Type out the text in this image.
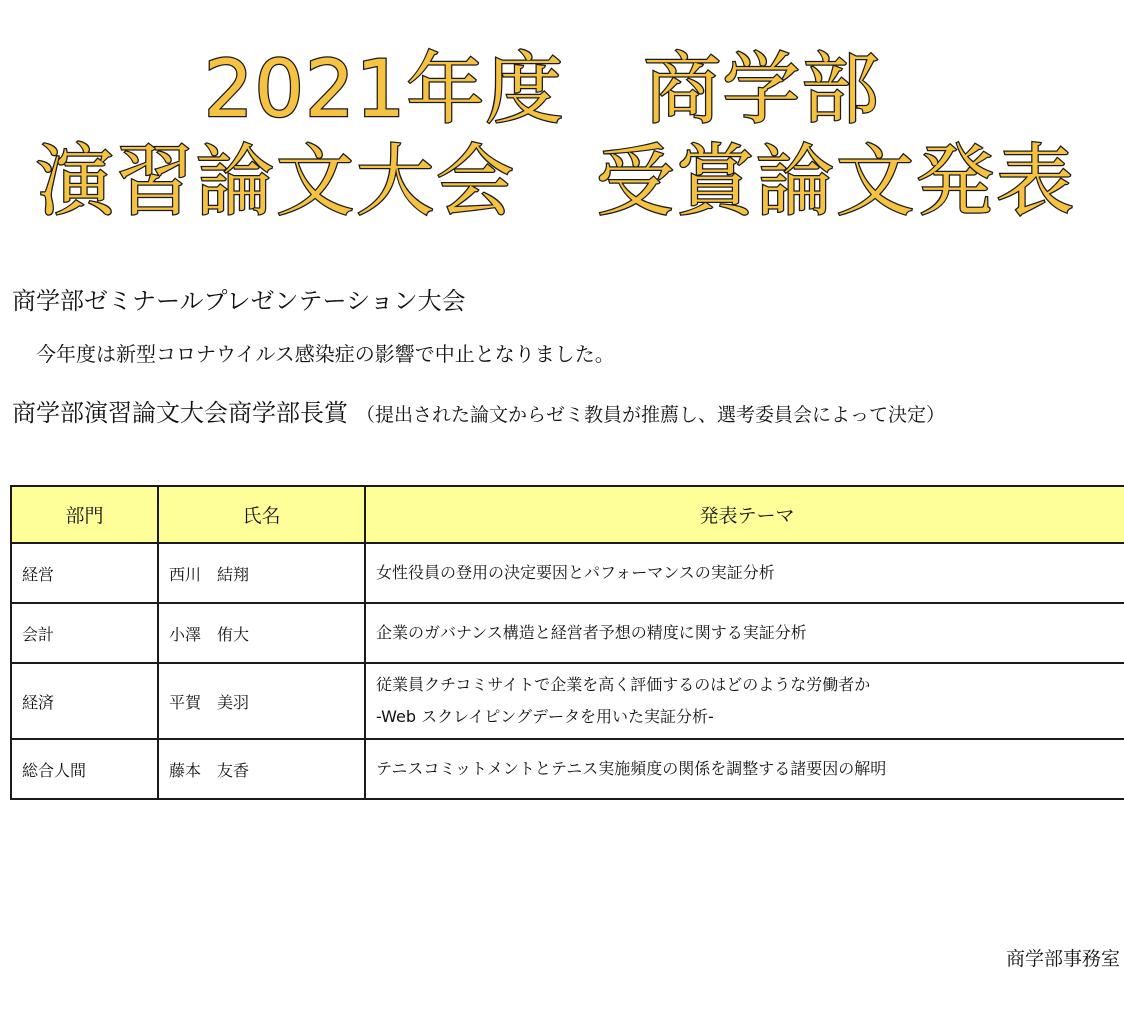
2021年度　商学部
演習論文大会　受賞論文発表
商学部ゼミナールプレゼンテーション大会
今年度は新型コロナウイルス感染症の影響で中止となりました。
商学部演習論文大会商学部長賞 （提出された論文からゼミ教員が推薦し、選考委員会によって決定）
部門	氏名	発表テーマ
経営	西川　結翔	女性役員の登用の決定要因とパフォーマンスの実証分析

会計	小澤　侑大	企業のガバナンス構造と経営者予想の精度に関する実証分析

経済	平賀　美羽	従業員クチコミサイトで企業を高く評価するのはどのような労働者か
-Web スクレイピングデータを用いた実証分析-

総合人間	藤本　友香	テニスコミットメントとテニス実施頻度の関係を調整する諸要因の解明
商学部事務室
